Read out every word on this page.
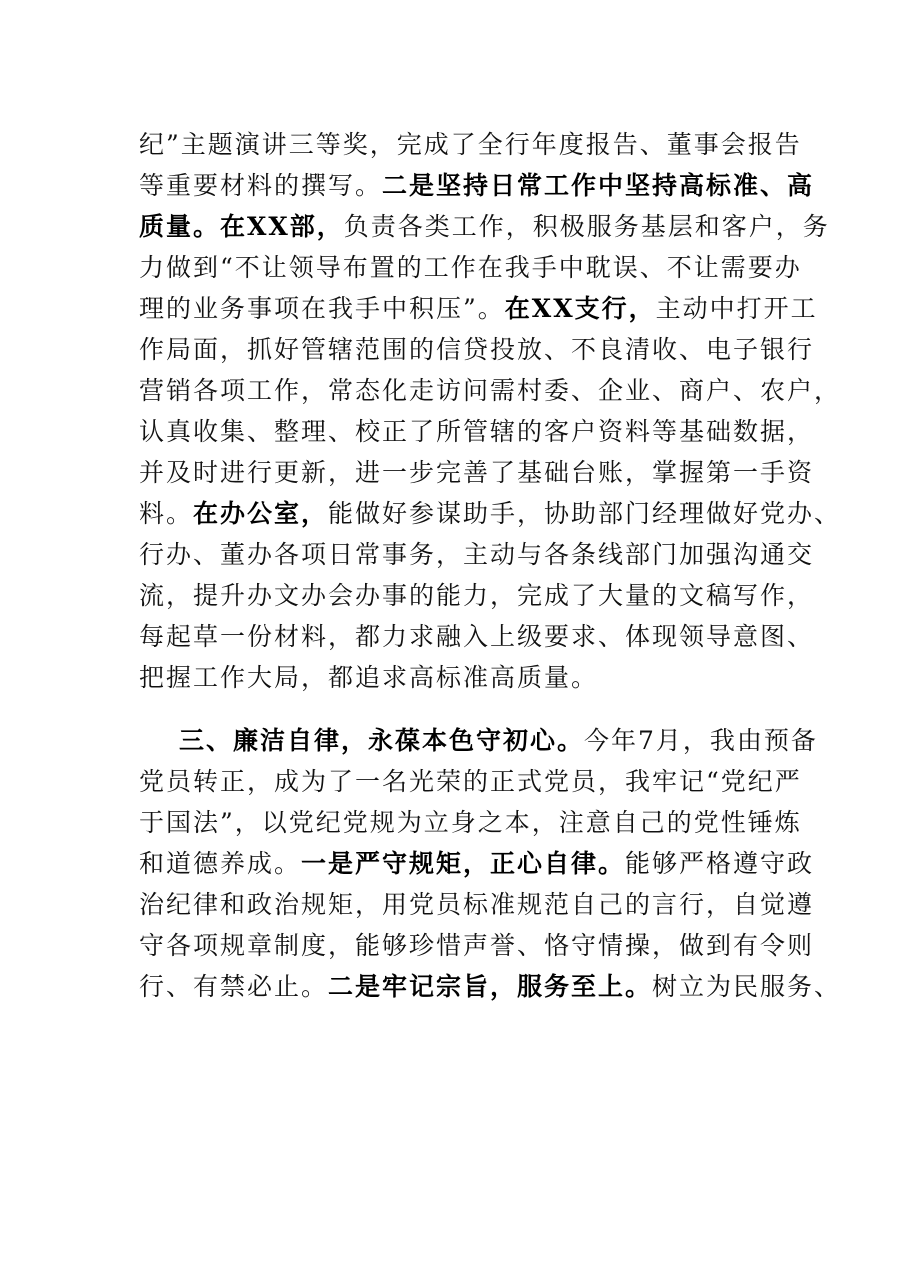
纪”主题演讲三等奖，完成了全行年度报告、董事会报告
等重要材料的撰写。二是坚持日常工作中坚持高标准、高
质量。在XX部，负责各类工作，积极服务基层和客户，务
力做到“不让领导布置的工作在我手中耽误、不让需要办
理的业务事项在我手中积压”。在XX支行，主动中打开工
作局面，抓好管辖范围的信贷投放、不良清收、电子银行
营销各项工作，常态化走访问需村委、企业、商户、农户，
认真收集、整理、校正了所管辖的客户资料等基础数据，
并及时进行更新，进一步完善了基础台账，掌握第一手资
料。在办公室，能做好参谋助手，协助部门经理做好党办、
行办、董办各项日常事务，主动与各条线部门加强沟通交
流，提升办文办会办事的能力，完成了大量的文稿写作，
每起草一份材料，都力求融入上级要求、体现领导意图、
把握工作大局，都追求高标准高质量。
三、廉洁自律，永葆本色守初心。今年7月，我由预备
党员转正，成为了一名光荣的正式党员，我牢记“党纪严
于国法”，以党纪党规为立身之本，注意自己的党性锤炼
和道德养成。一是严守规矩，正心自律。能够严格遵守政
治纪律和政治规矩，用党员标准规范自己的言行，自觉遵
守各项规章制度，能够珍惜声誉、恪守情操，做到有令则
行、有禁必止。二是牢记宗旨，服务至上。树立为民服务、
